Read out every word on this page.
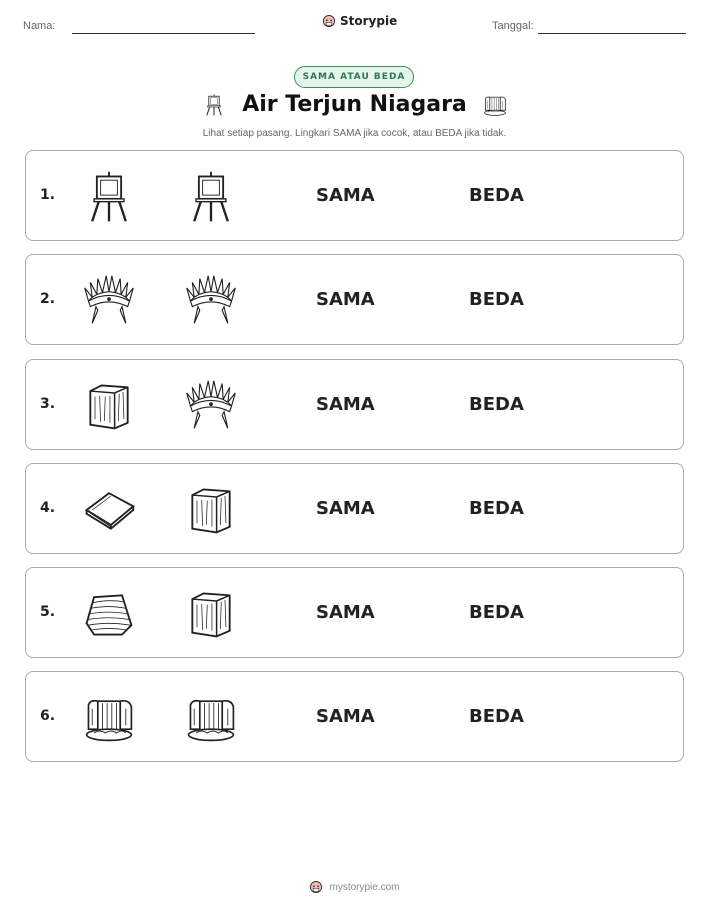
Nama:	Storypie	Tanggal:
SAMA ATAU BEDA
Air Terjun Niagara
Lihat setiap pasang. Lingkari SAMA jika cocok, atau BEDA jika tidak.
1.	SAMA	BEDA
2.	SAMA	BEDA
3.	SAMA	BEDA
4.	SAMA	BEDA
5.	SAMA	BEDA
6.	SAMA	BEDA
mystorypie.com
